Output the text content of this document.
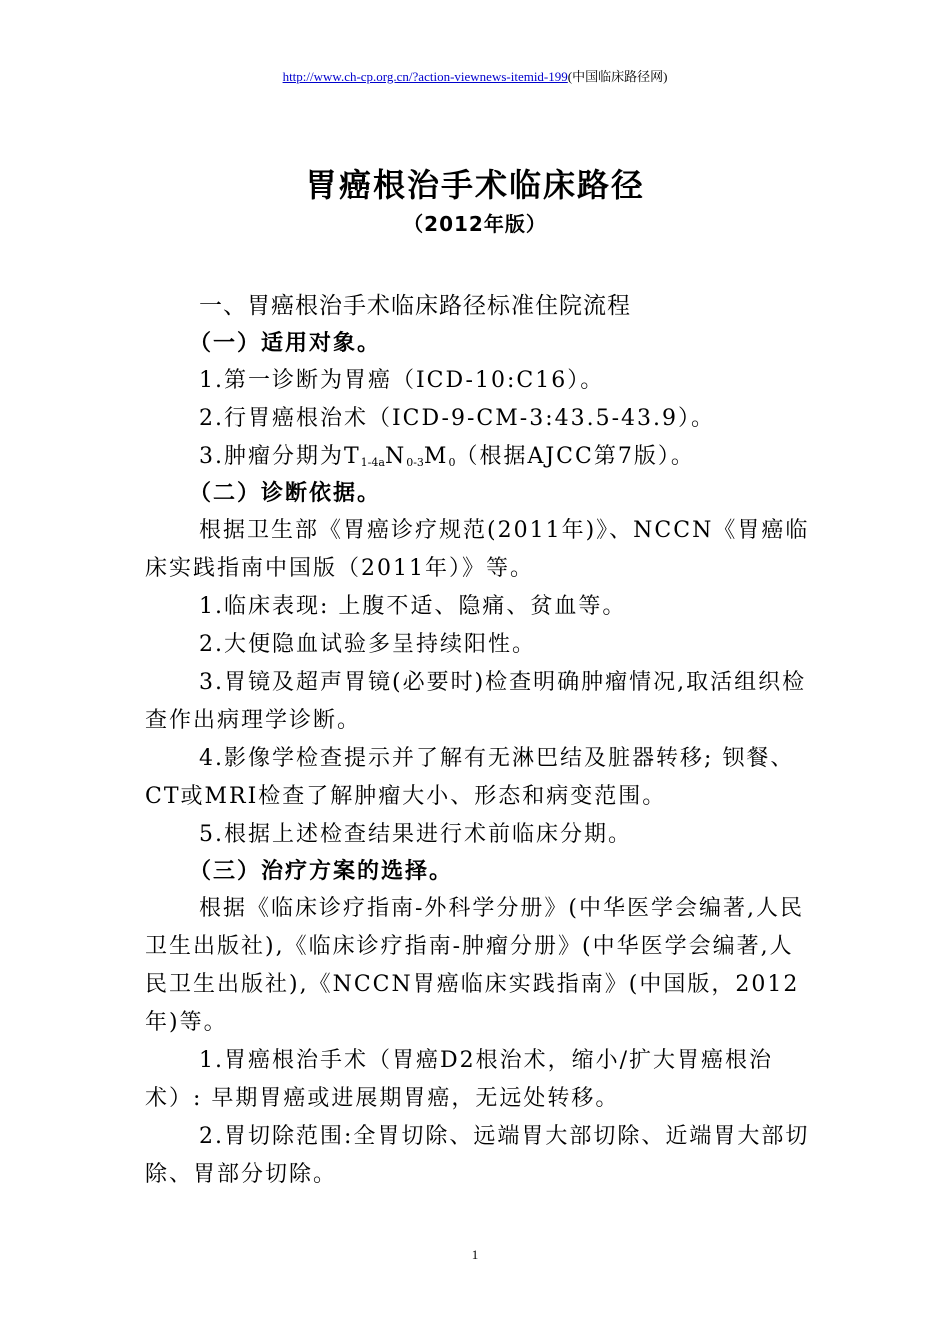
http://www.ch-cp.org.cn/?action-viewnews-itemid-199(中国临床路径网)
胃癌根治手术临床路径
（2012年版）

一、胃癌根治手术临床路径标准住院流程

（一）适用对象。

1.第一诊断为胃癌（ICD-10:C16）。

2.行胃癌根治术（ICD-9-CM-3:43.5-43.9）。

3.肿瘤分期为$T_{1-4a}N_{0-3}M_0$（根据AJCC第7版）。

（二）诊断依据。

根据卫生部《胃癌诊疗规范(2011年)》、NCCN《胃癌临床实践指南中国版（2011年）》等。

1.临床表现: 上腹不适、隐痛、贫血等。

2.大便隐血试验多呈持续阳性。

3.胃镜及超声胃镜(必要时)检查明确肿瘤情况,取活组织检查作出病理学诊断。

4.影像学检查提示并了解有无淋巴结及脏器转移; 钡餐、CT或MRI检查了解肿瘤大小、形态和病变范围。

5.根据上述检查结果进行术前临床分期。

（三）治疗方案的选择。

根据《临床诊疗指南-外科学分册》(中华医学会编著,人民卫生出版社),《临床诊疗指南-肿瘤分册》(中华医学会编著,人民卫生出版社),《NCCN胃癌临床实践指南》(中国版，2012年)等。

1.胃癌根治手术（胃癌D2根治术，缩小/扩大胃癌根治术）: 早期胃癌或进展期胃癌，无远处转移。

2.胃切除范围:全胃切除、远端胃大部切除、近端胃大部切除、胃部分切除。

1
